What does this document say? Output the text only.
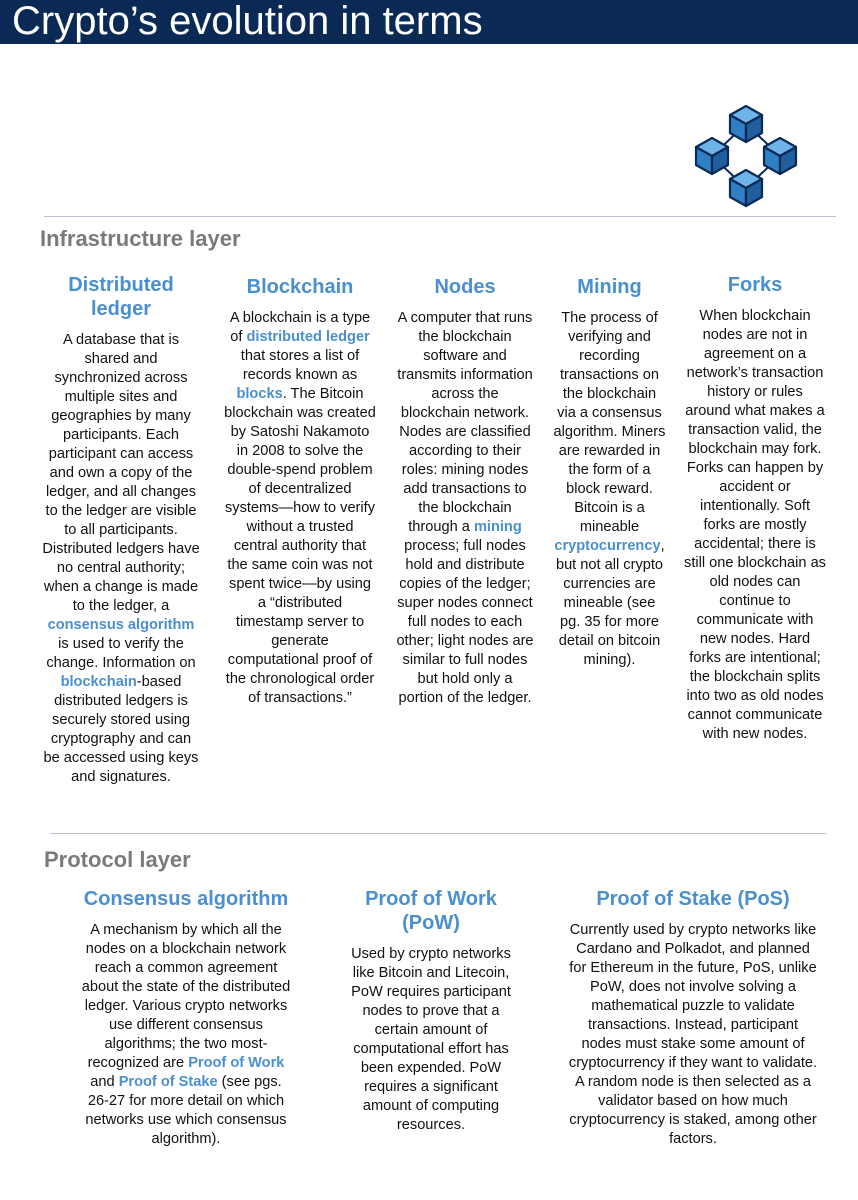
Crypto’s evolution in terms
Infrastructure layer
Distributed ledger

A database that is shared and synchronized across multiple sites and geographies by many participants. Each participant can access and own a copy of the ledger, and all changes to the ledger are visible to all participants. Distributed ledgers have no central authority; when a change is made to the ledger, a consensus algorithm is used to verify the change. Information on blockchain-based distributed ledgers is securely stored using cryptography and can be accessed using keys and signatures.

Blockchain

A blockchain is a type of distributed ledger that stores a list of records known as blocks. The Bitcoin blockchain was created by Satoshi Nakamoto in 2008 to solve the double-spend problem of decentralized systems—how to verify without a trusted central authority that the same coin was not spent twice—by using a “distributed timestamp server to generate computational proof of the chronological order of transactions.”

Nodes

A computer that runs the blockchain software and transmits information across the blockchain network. Nodes are classified according to their roles: mining nodes add transactions to the blockchain through a mining process; full nodes hold and distribute copies of the ledger; super nodes connect full nodes to each other; light nodes are similar to full nodes but hold only a portion of the ledger.

Mining

The process of verifying and recording transactions on the blockchain via a consensus algorithm. Miners are rewarded in the form of a block reward. Bitcoin is a mineable cryptocurrency, but not all crypto currencies are mineable (see pg. 35 for more detail on bitcoin mining).

Forks

When blockchain nodes are not in agreement on a network’s transaction history or rules around what makes a transaction valid, the blockchain may fork. Forks can happen by accident or intentionally. Soft forks are mostly accidental; there is still one blockchain as old nodes can continue to communicate with new nodes. Hard forks are intentional; the blockchain splits into two as old nodes cannot communicate with new nodes.

Protocol layer
Consensus algorithm

A mechanism by which all the nodes on a blockchain network reach a common agreement about the state of the distributed ledger. Various crypto networks use different consensus algorithms; the two most-recognized are Proof of Work and Proof of Stake (see pgs. 26-27 for more detail on which networks use which consensus algorithm).

Proof of Work (PoW)

Used by crypto networks like Bitcoin and Litecoin, PoW requires participant nodes to prove that a certain amount of computational effort has been expended. PoW requires a significant amount of computing resources.

Proof of Stake (PoS)

Currently used by crypto networks like Cardano and Polkadot, and planned for Ethereum in the future, PoS, unlike PoW, does not involve solving a mathematical puzzle to validate transactions. Instead, participant nodes must stake some amount of cryptocurrency if they want to validate. A random node is then selected as a validator based on how much cryptocurrency is staked, among other factors.
